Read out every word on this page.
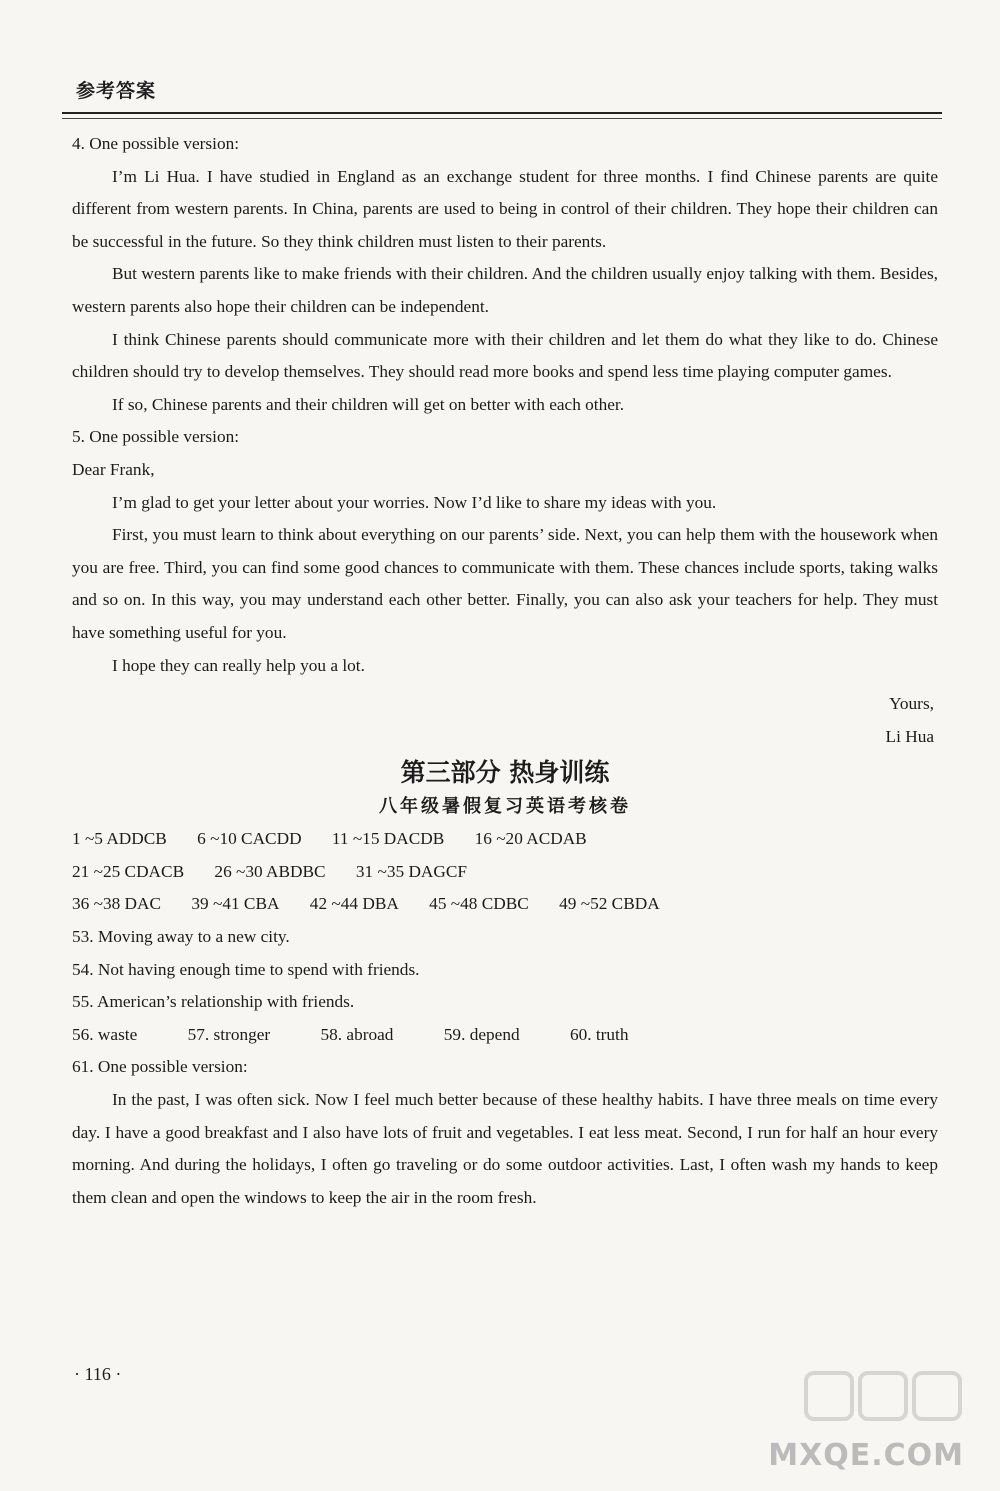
参考答案

4. One possible version:

I’m Li Hua. I have studied in England as an exchange student for three months. I find Chinese parents are quite different from western parents. In China, parents are used to being in control of their children. They hope their children can be successful in the future. So they think children must listen to their parents.

But western parents like to make friends with their children. And the children usually enjoy talking with them. Besides, western parents also hope their children can be independent.

I think Chinese parents should communicate more with their children and let them do what they like to do. Chinese children should try to develop themselves. They should read more books and spend less time playing computer games.

If so, Chinese parents and their children will get on better with each other.

5. One possible version:

Dear Frank,

I’m glad to get your letter about your worries. Now I’d like to share my ideas with you.

First, you must learn to think about everything on our parents’ side. Next, you can help them with the housework when you are free. Third, you can find some good chances to communicate with them. These chances include sports, taking walks and so on. In this way, you may understand each other better. Finally, you can also ask your teachers for help. They must have something useful for you.

I hope they can really help you a lot.

Yours,

Li Hua

第三部分 热身训练

八年级暑假复习英语考核卷

1 ~5 ADDCB 6 ~10 CACDD 11 ~15 DACDB 16 ~20 ACDAB

21 ~25 CDACB 26 ~30 ABDBC 31 ~35 DAGCF

36 ~38 DAC 39 ~41 CBA 42 ~44 DBA 45 ~48 CDBC 49 ~52 CBDA

53. Moving away to a new city.

54. Not having enough time to spend with friends.

55. American’s relationship with friends.

56. waste	57. stronger	58. abroad	59. depend	60. truth

61. One possible version:

In the past, I was often sick. Now I feel much better because of these healthy habits. I have three meals on time every day. I have a good breakfast and I also have lots of fruit and vegetables. I eat less meat. Second, I run for half an hour every morning. And during the holidays, I often go traveling or do some outdoor activities. Last, I often wash my hands to keep them clean and open the windows to keep the air in the room fresh.

· 116 ·
MXQE.COM
